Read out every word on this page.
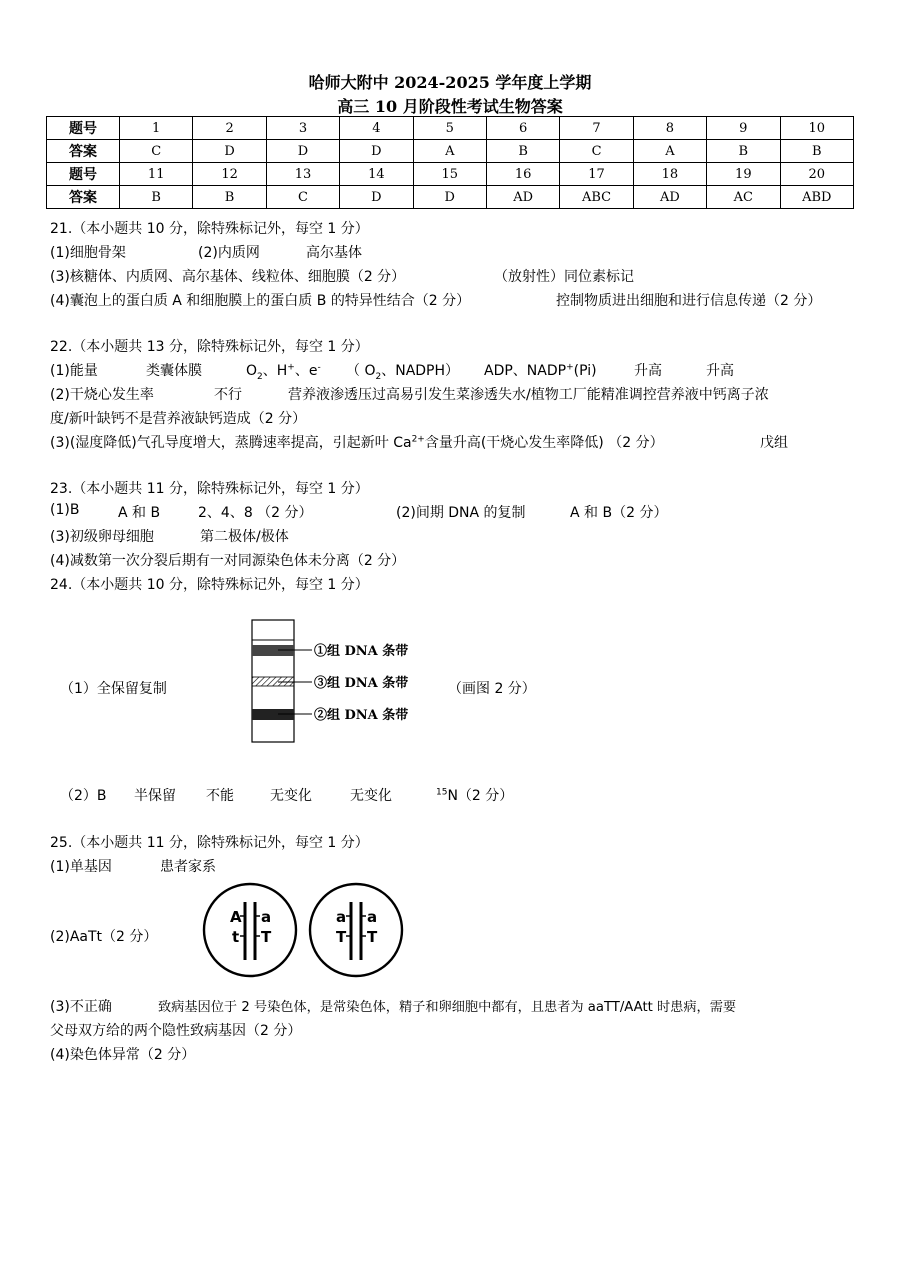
哈师大附中 2024-2025 学年度上学期
高三 10 月阶段性考试生物答案
题号	1	2	3	4	5	6	7	8	9	10
答案	C	D	D	D	A	B	C	A	B	B
题号	11	12	13	14	15	16	17	18	19	20
答案	B	B	C	D	D	AD	ABC	AD	AC	ABD
21.（本小题共 10 分，除特殊标记外，每空 1 分）
(1)细胞骨架	(2)内质网	高尔基体
(3)核糖体、内质网、高尔基体、线粒体、细胞膜（2 分）	（放射性）同位素标记
(4)囊泡上的蛋白质 A 和细胞膜上的蛋白质 B 的特异性结合（2 分）	控制物质进出细胞和进行信息传递（2 分）
22.（本小题共 13 分，除特殊标记外，每空 1 分）
(1)能量	类囊体膜	$O_2$、H+、e- （ $O_2$、NADPH） ADP、NADP+(Pi)	升高	升高
(2)干烧心发生率	不行	营养液渗透压过高易引发生菜渗透失水/植物工厂能精准调控营养液中钙离子浓
度/新叶缺钙不是营养液缺钙造成（2 分）
(3)(湿度降低)气孔导度增大，蒸腾速率提高，引起新叶 $Ca^{2+}$含量升高(干烧心发生率降低) （2 分）	戊组
23.（本小题共 11 分，除特殊标记外，每空 1 分）
(1)B	A 和 B	2、4、8 （2 分）	(2)间期 DNA 的复制	A 和 B（2 分）
(3)初级卵母细胞	第二极体/极体
(4)减数第一次分裂后期有一对同源染色体未分离（2 分）
24.（本小题共 10 分，除特殊标记外，每空 1 分）
（1）全保留复制
①组 DNA 条带
③组 DNA 条带
②组 DNA 条带
（画图 2 分）
（2）B 半保留 不能	无变化	无变化	$^{15}$N（2 分）
25.（本小题共 11 分，除特殊标记外，每空 1 分）
(1)单基因	患者家系
(2)AaTt（2 分）
A a
t T
a a
T T
(3)不正确	致病基因位于 2 号染色体，是常染色体，精子和卵细胞中都有，且患者为 aaTT/AAtt 时患病，需要
父母双方给的两个隐性致病基因（2 分）
(4)染色体异常（2 分）
